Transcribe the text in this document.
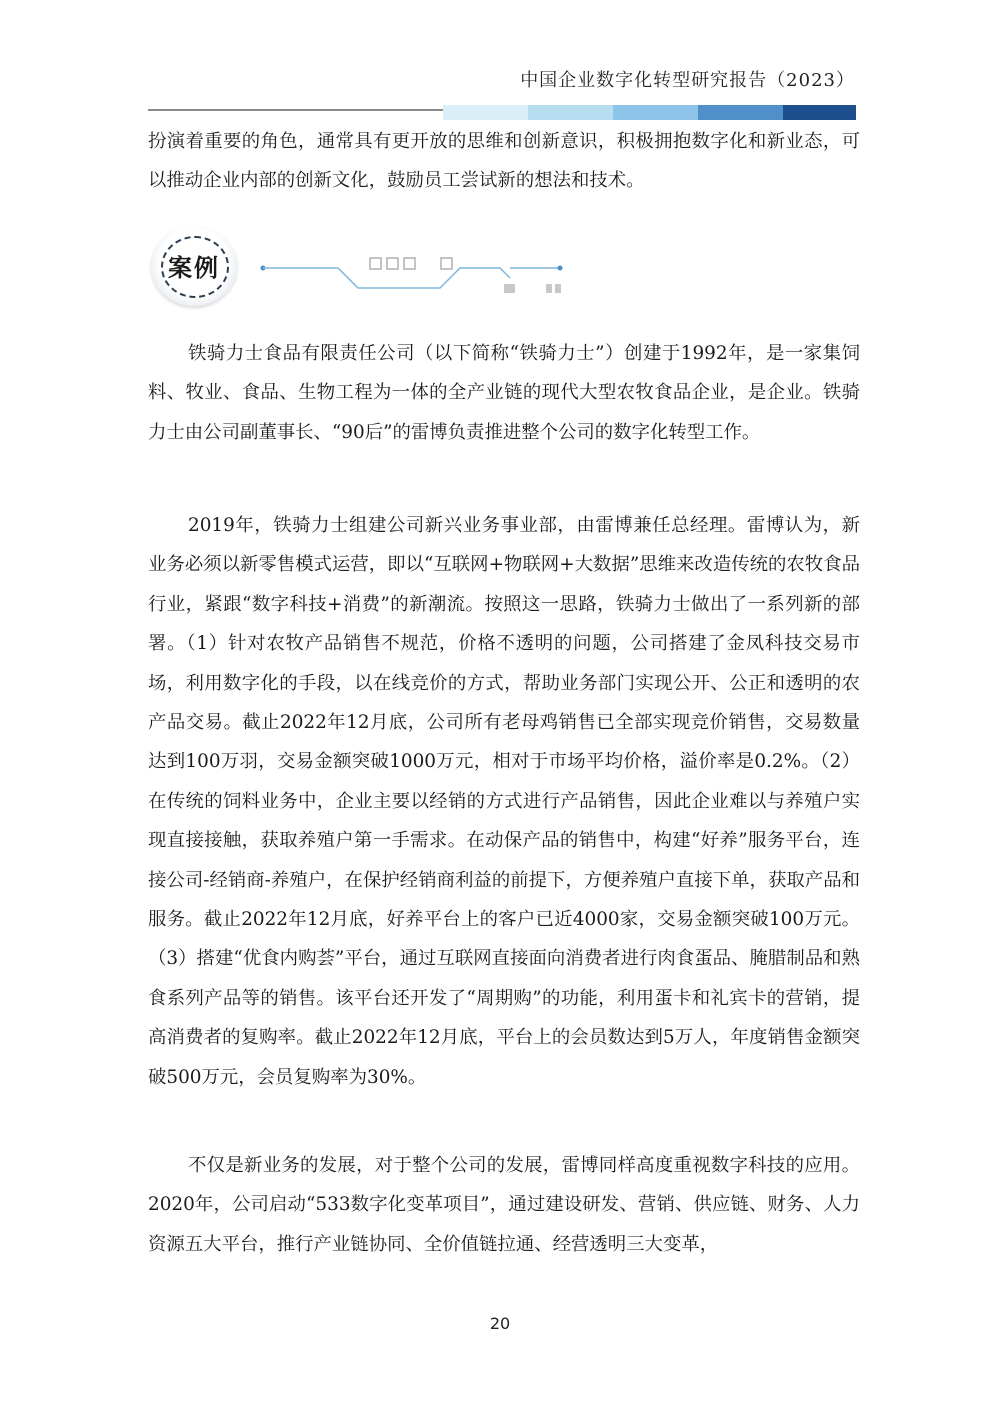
中国企业数字化转型研究报告（2023）

扮演着重要的角色，通常具有更开放的思维和创新意识，积极拥抱数字化和新业态，可以推动企业内部的创新文化，鼓励员工尝试新的想法和技术。

案例

铁骑力士食品有限责任公司（以下简称“铁骑力士”）创建于1992年，是一家集饲料、牧业、食品、生物工程为一体的全产业链的现代大型农牧食品企业，是企业。铁骑力士由公司副董事长、“90后”的雷博负责推进整个公司的数字化转型工作。

2019年，铁骑力士组建公司新兴业务事业部，由雷博兼任总经理。雷博认为，新业务必须以新零售模式运营，即以“互联网+物联网+大数据”思维来改造传统的农牧食品行业，紧跟“数字科技+消费”的新潮流。按照这一思路，铁骑力士做出了一系列新的部署。（1）针对农牧产品销售不规范，价格不透明的问题，公司搭建了金凤科技交易市场，利用数字化的手段，以在线竞价的方式，帮助业务部门实现公开、公正和透明的农产品交易。截止2022年12月底，公司所有老母鸡销售已全部实现竞价销售，交易数量达到100万羽，交易金额突破1000万元，相对于市场平均价格，溢价率是0.2%。（2）在传统的饲料业务中，企业主要以经销的方式进行产品销售，因此企业难以与养殖户实现直接接触，获取养殖户第一手需求。在动保产品的销售中，构建“好养”服务平台，连接公司-经销商-养殖户，在保护经销商利益的前提下，方便养殖户直接下单，获取产品和服务。截止2022年12月底，好养平台上的客户已近4000家，交易金额突破100万元。（3）搭建“优食内购荟”平台，通过互联网直接面向消费者进行肉食蛋品、腌腊制品和熟食系列产品等的销售。该平台还开发了“周期购”的功能，利用蛋卡和礼宾卡的营销，提高消费者的复购率。截止2022年12月底，平台上的会员数达到5万人，年度销售金额突破500万元，会员复购率为30%。

不仅是新业务的发展，对于整个公司的发展，雷博同样高度重视数字科技的应用。2020年，公司启动“533数字化变革项目”，通过建设研发、营销、供应链、财务、人力资源五大平台，推行产业链协同、全价值链拉通、经营透明三大变革，

20
